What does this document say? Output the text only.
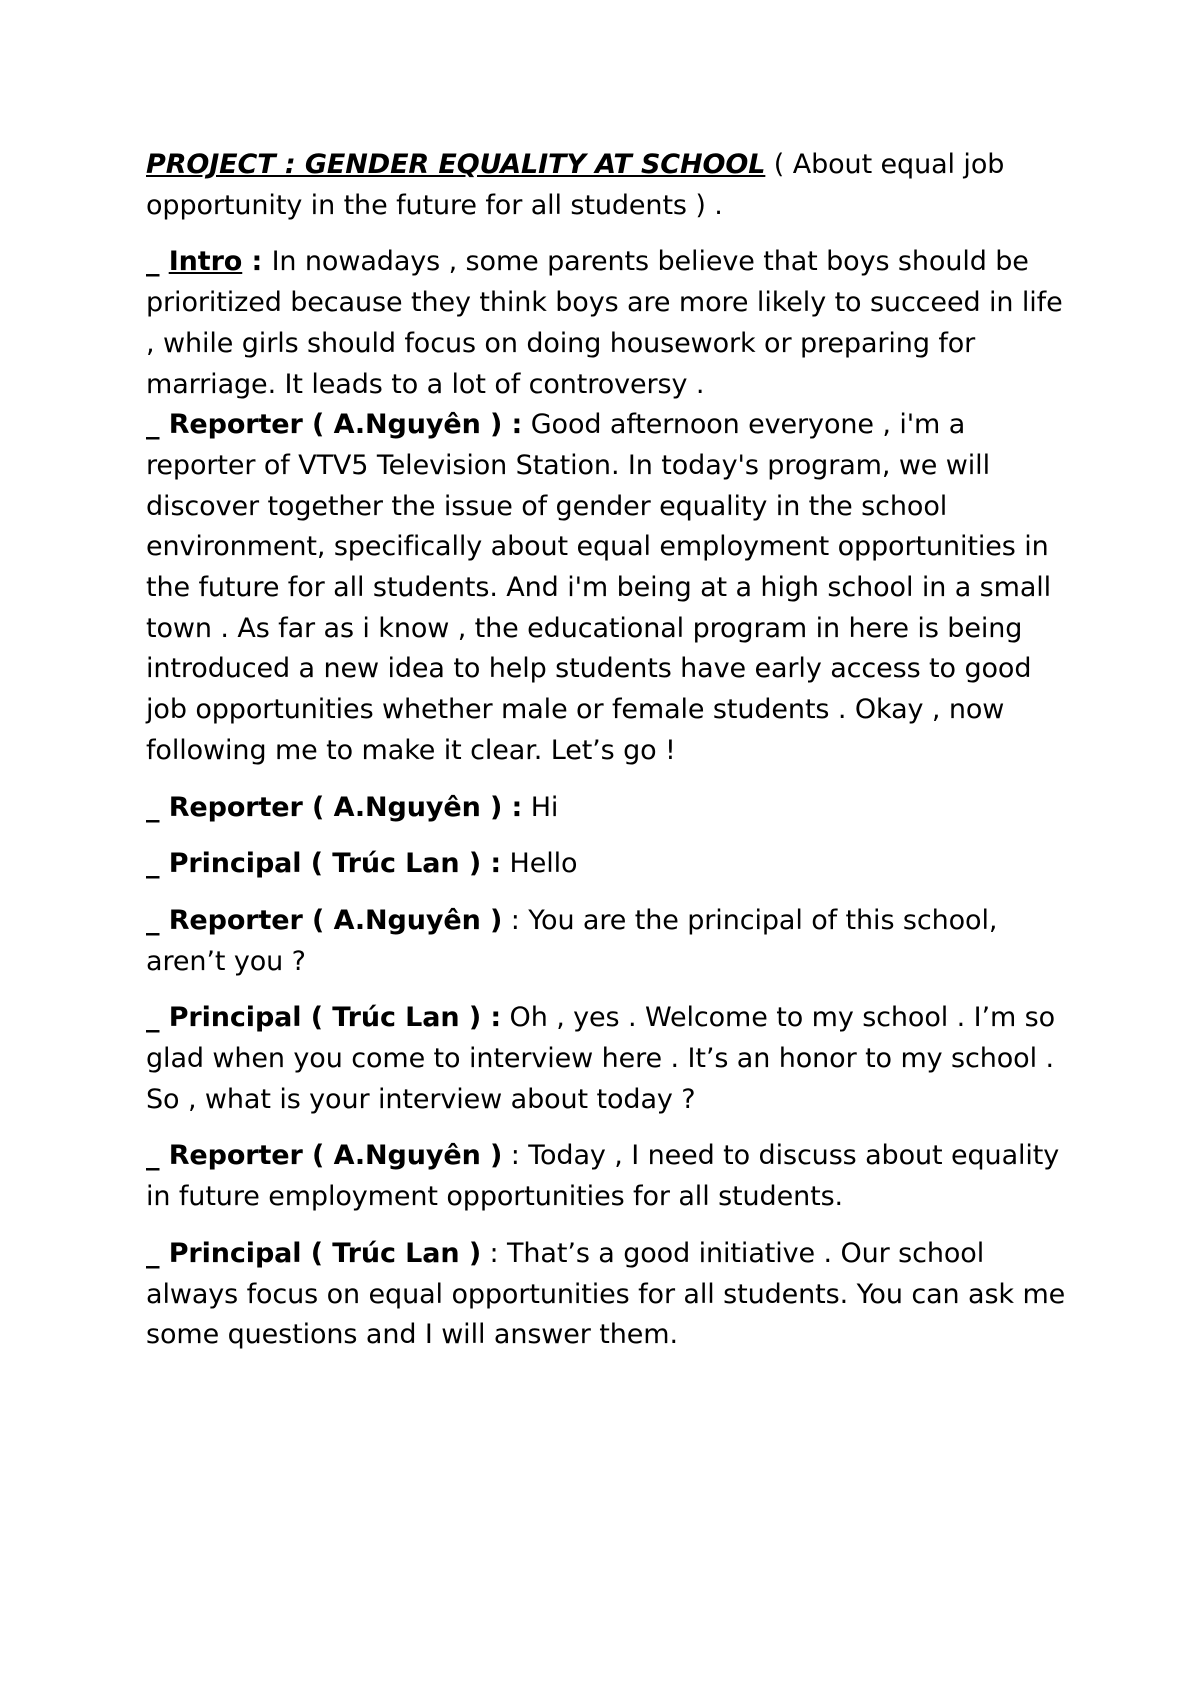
PROJECT : GENDER EQUALITY AT SCHOOL ( About equal job opportunity in the future for all students ) .

_ Intro : In nowadays , some parents believe that boys should be prioritized because they think boys are more likely to succeed in life , while girls should focus on doing housework or preparing for marriage. It leads to a lot of controversy .

_ Reporter ( A.Nguyên ) : Good afternoon everyone , i'm a reporter of VTV5 Television Station. In today's program, we will discover together the issue of gender equality in the school environment, specifically about equal employment opportunities in the future for all students. And i'm being at a high school in a small town . As far as i know , the educational program in here is being introduced a new idea to help students have early access to good job opportunities whether male or female students . Okay , now following me to make it clear. Let’s go !

_ Reporter ( A.Nguyên ) : Hi

_ Principal ( Trúc Lan ) : Hello

_ Reporter ( A.Nguyên ) : You are the principal of this school, aren’t you ?

_ Principal ( Trúc Lan ) : Oh , yes . Welcome to my school . I’m so glad when you come to interview here . It’s an honor to my school . So , what is your interview about today ?

_ Reporter ( A.Nguyên ) : Today , I need to discuss about equality in future employment opportunities for all students.

_ Principal ( Trúc Lan ) : That’s a good initiative . Our school always focus on equal opportunities for all students. You can ask me some questions and I will answer them.
